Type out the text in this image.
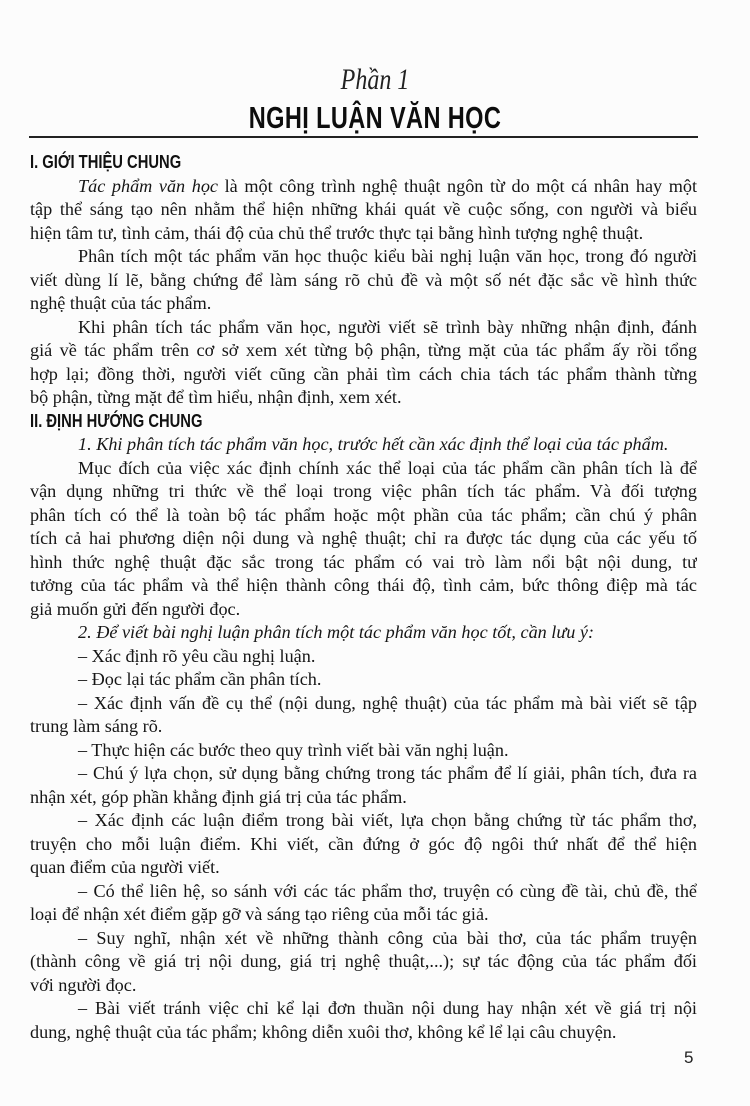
Phần 1
NGHỊ LUẬN VĂN HỌC
I. GIỚI THIỆU CHUNG
Tác phẩm văn học là một công trình nghệ thuật ngôn từ do một cá nhân hay một
tập thể sáng tạo nên nhằm thể hiện những khái quát về cuộc sống, con người và biểu
hiện tâm tư, tình cảm, thái độ của chủ thể trước thực tại bằng hình tượng nghệ thuật.
Phân tích một tác phẩm văn học thuộc kiểu bài nghị luận văn học, trong đó người
viết dùng lí lẽ, bằng chứng để làm sáng rõ chủ đề và một số nét đặc sắc về hình thức
nghệ thuật của tác phẩm.
Khi phân tích tác phẩm văn học, người viết sẽ trình bày những nhận định, đánh
giá về tác phẩm trên cơ sở xem xét từng bộ phận, từng mặt của tác phẩm ấy rồi tổng
hợp lại; đồng thời, người viết cũng cần phải tìm cách chia tách tác phẩm thành từng
bộ phận, từng mặt để tìm hiểu, nhận định, xem xét.
II. ĐỊNH HƯỚNG CHUNG
1. Khi phân tích tác phẩm văn học, trước hết cần xác định thể loại của tác phẩm.
Mục đích của việc xác định chính xác thể loại của tác phẩm cần phân tích là để
vận dụng những tri thức về thể loại trong việc phân tích tác phẩm. Và đối tượng
phân tích có thể là toàn bộ tác phẩm hoặc một phần của tác phẩm; cần chú ý phân
tích cả hai phương diện nội dung và nghệ thuật; chỉ ra được tác dụng của các yếu tố
hình thức nghệ thuật đặc sắc trong tác phẩm có vai trò làm nổi bật nội dung, tư
tưởng của tác phẩm và thể hiện thành công thái độ, tình cảm, bức thông điệp mà tác
giả muốn gửi đến người đọc.
2. Để viết bài nghị luận phân tích một tác phẩm văn học tốt, cần lưu ý:
– Xác định rõ yêu cầu nghị luận.
– Đọc lại tác phẩm cần phân tích.
– Xác định vấn đề cụ thể (nội dung, nghệ thuật) của tác phẩm mà bài viết sẽ tập
trung làm sáng rõ.
– Thực hiện các bước theo quy trình viết bài văn nghị luận.
– Chú ý lựa chọn, sử dụng bằng chứng trong tác phẩm để lí giải, phân tích, đưa ra
nhận xét, góp phần khẳng định giá trị của tác phẩm.
– Xác định các luận điểm trong bài viết, lựa chọn bằng chứng từ tác phẩm thơ,
truyện cho mỗi luận điểm. Khi viết, cần đứng ở góc độ ngôi thứ nhất để thể hiện
quan điểm của người viết.
– Có thể liên hệ, so sánh với các tác phẩm thơ, truyện có cùng đề tài, chủ đề, thể
loại để nhận xét điểm gặp gỡ và sáng tạo riêng của mỗi tác giả.
– Suy nghĩ, nhận xét về những thành công của bài thơ, của tác phẩm truyện
(thành công về giá trị nội dung, giá trị nghệ thuật,...); sự tác động của tác phẩm đối
với người đọc.
– Bài viết tránh việc chỉ kể lại đơn thuần nội dung hay nhận xét về giá trị nội
dung, nghệ thuật của tác phẩm; không diễn xuôi thơ, không kể lể lại câu chuyện.
5
